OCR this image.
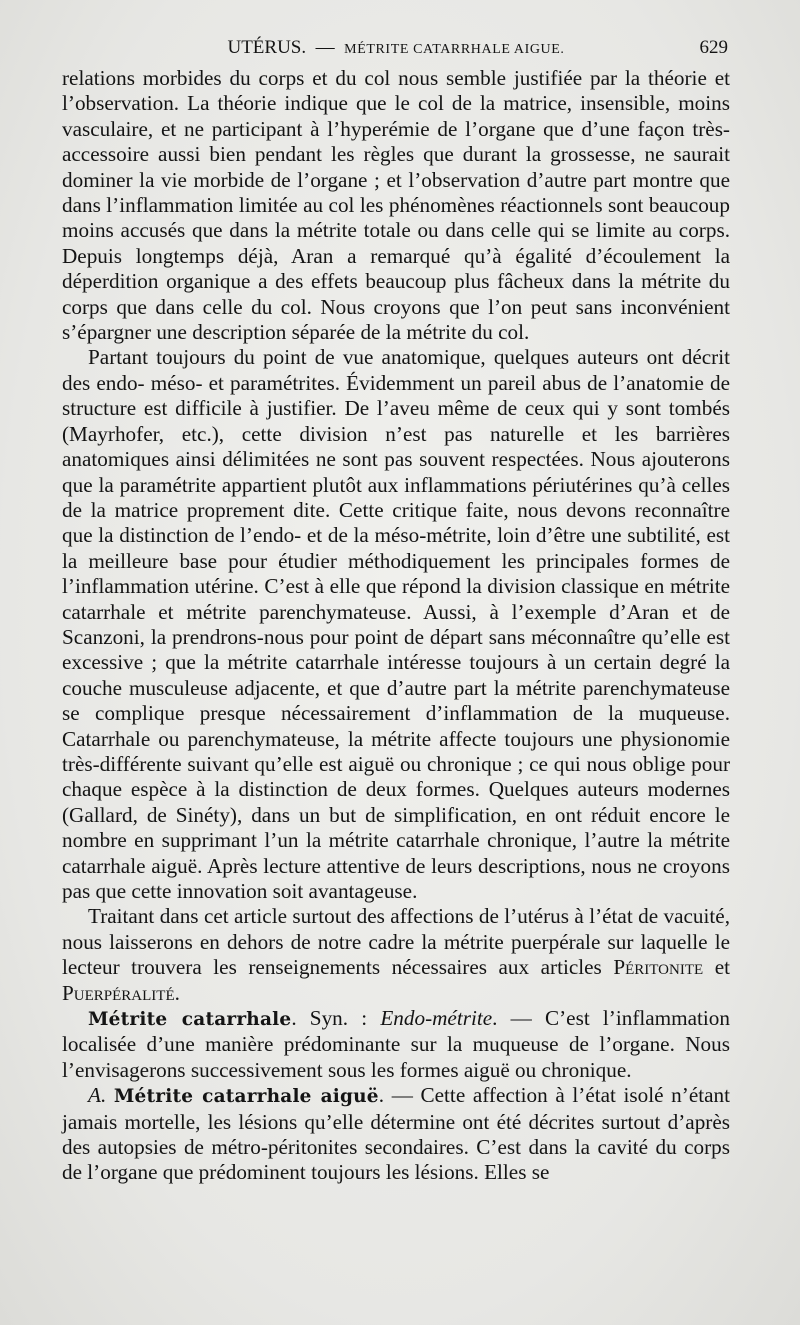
UTÉRUS. — MÉTRITE CATARRHALE AIGUE.	629

relations morbides du corps et du col nous semble justifiée par la théorie et l’observation. La théorie indique que le col de la matrice, insensible, moins vasculaire, et ne participant à l’hyperémie de l’organe que d’une façon très-accessoire aussi bien pendant les règles que durant la grossesse, ne saurait dominer la vie morbide de l’organe ; et l’observation d’autre part montre que dans l’inflammation limitée au col les phénomènes réactionnels sont beaucoup moins accusés que dans la métrite totale ou dans celle qui se limite au corps. Depuis longtemps déjà, Aran a remarqué qu’à égalité d’écoulement la déperdition organique a des effets beaucoup plus fâcheux dans la métrite du corps que dans celle du col. Nous croyons que l’on peut sans inconvénient s’épargner une description séparée de la métrite du col.

Partant toujours du point de vue anatomique, quelques auteurs ont décrit des endo- méso- et paramétrites. Évidemment un pareil abus de l’anatomie de structure est difficile à justifier. De l’aveu même de ceux qui y sont tombés (Mayrhofer, etc.), cette division n’est pas naturelle et les barrières anatomiques ainsi délimitées ne sont pas souvent respectées. Nous ajouterons que la paramétrite appartient plutôt aux inflammations périutérines qu’à celles de la matrice proprement dite. Cette critique faite, nous devons reconnaître que la distinction de l’endo- et de la méso-métrite, loin d’être une subtilité, est la meilleure base pour étudier méthodiquement les principales formes de l’inflammation utérine. C’est à elle que répond la division classique en métrite catarrhale et métrite parenchymateuse. Aussi, à l’exemple d’Aran et de Scanzoni, la prendrons-nous pour point de départ sans méconnaître qu’elle est excessive ; que la métrite catarrhale intéresse toujours à un certain degré la couche musculeuse adjacente, et que d’autre part la métrite parenchymateuse se complique presque nécessairement d’inflammation de la muqueuse. Catarrhale ou parenchymateuse, la métrite affecte toujours une physionomie très-différente suivant qu’elle est aiguë ou chronique ; ce qui nous oblige pour chaque espèce à la distinction de deux formes. Quelques auteurs modernes (Gallard, de Sinéty), dans un but de simplification, en ont réduit encore le nombre en supprimant l’un la métrite catarrhale chronique, l’autre la métrite catarrhale aiguë. Après lecture attentive de leurs descriptions, nous ne croyons pas que cette innovation soit avantageuse.

Traitant dans cet article surtout des affections de l’utérus à l’état de vacuité, nous laisserons en dehors de notre cadre la métrite puerpérale sur laquelle le lecteur trouvera les renseignements nécessaires aux articles Péritonite et Puerpéralité.

Métrite catarrhale. Syn. : Endo-métrite. — C’est l’inflammation localisée d’une manière prédominante sur la muqueuse de l’organe. Nous l’envisagerons successivement sous les formes aiguë ou chronique.

A. Métrite catarrhale aiguë. — Cette affection à l’état isolé n’étant jamais mortelle, les lésions qu’elle détermine ont été décrites surtout d’après des autopsies de métro-péritonites secondaires. C’est dans la cavité du corps de l’organe que prédominent toujours les lésions. Elles se
